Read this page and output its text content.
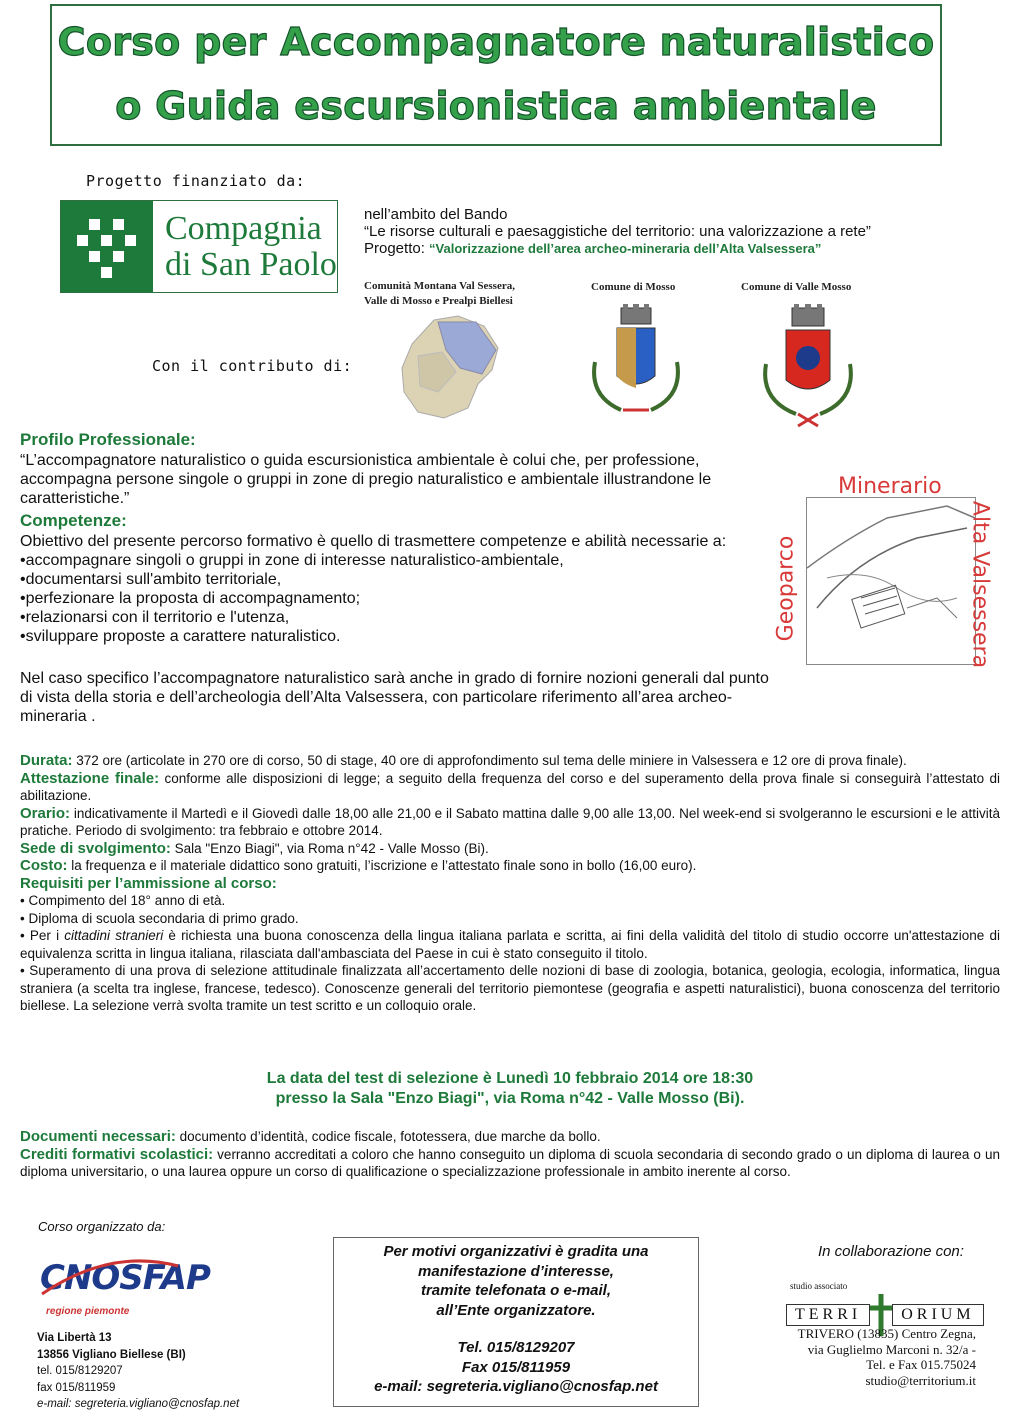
Corso per Accompagnatore naturalistico
o Guida escursionistica ambientale
Progetto finanziato da:
Compagnia
di San Paolo
nell’ambito del Bando
“Le risorse culturali e paesaggistiche del territorio: una valorizzazione a rete”
Progetto: “Valorizzazione dell’area archeo-mineraria dell’Alta Valsessera”
Comunità Montana Val Sessera,
Valle di Mosso e Prealpi Biellesi
Comune di Mosso	Comune di Valle Mosso
Con il contributo di:
Profilo Professionale:
“L’accompagnatore naturalistico o guida escursionistica ambientale è colui che, per professione, accompagna persone singole o gruppi in zone di pregio naturalistico e ambientale illustrandone le caratteristiche.”
Competenze:
Obiettivo del presente percorso formativo è quello di trasmettere competenze e abilità necessarie a:
•accompagnare singoli o gruppi in zone di interesse naturalistico-ambientale,
•documentarsi sull'ambito territoriale,
•perfezionare la proposta di accompagnamento;
•relazionarsi con il territorio e l'utenza,
•sviluppare proposte a carattere naturalistico.
Nel caso specifico l’accompagnatore naturalistico sarà anche in grado di fornire nozioni generali dal punto di vista della storia e dell’archeologia dell’Alta Valsessera, con particolare riferimento all’area archeo-mineraria .
Minerario
Geoparco	Alta Valsessera
Durata: 372 ore (articolate in 270 ore di corso, 50 di stage, 40 ore di approfondimento sul tema delle miniere in Valsessera e 12 ore di prova finale).
Attestazione finale: conforme alle disposizioni di legge; a seguito della frequenza del corso e del superamento della prova finale si conseguirà l’attestato di abilitazione.
Orario: indicativamente il Martedì e il Giovedì dalle 18,00 alle 21,00 e il Sabato mattina dalle 9,00 alle 13,00. Nel week-end si svolgeranno le escursioni e le attività pratiche. Periodo di svolgimento: tra febbraio e ottobre 2014.
Sede di svolgimento: Sala "Enzo Biagi", via Roma n°42 - Valle Mosso (Bi).
Costo: la frequenza e il materiale didattico sono gratuiti, l’iscrizione e l’attestato finale sono in bollo (16,00 euro).
Requisiti per l’ammissione al corso:
• Compimento del 18° anno di età.
• Diploma di scuola secondaria di primo grado.
• Per i cittadini stranieri è richiesta una buona conoscenza della lingua italiana parlata e scritta, ai fini della validità del titolo di studio occorre un'attestazione di equivalenza scritta in lingua italiana, rilasciata dall'ambasciata del Paese in cui è stato conseguito il titolo.
• Superamento di una prova di selezione attitudinale finalizzata all’accertamento delle nozioni di base di zoologia, botanica, geologia, ecologia, informatica, lingua straniera (a scelta tra inglese, francese, tedesco). Conoscenze generali del territorio piemontese (geografia e aspetti naturalistici), buona conoscenza del territorio biellese. La selezione verrà svolta tramite un test scritto e un colloquio orale.
La data del test di selezione è Lunedì 10 febbraio 2014 ore 18:30
presso la Sala "Enzo Biagi", via Roma n°42 - Valle Mosso (Bi).
Documenti necessari: documento d’identità, codice fiscale, fototessera, due marche da bollo.
Crediti formativi scolastici: verranno accreditati a coloro che hanno conseguito un diploma di scuola secondaria di secondo grado o un diploma di laurea o un diploma universitario, o una laurea oppure un corso di qualificazione o specializzazione professionale in ambito inerente al corso.
Corso organizzato da:
CNOSFAP
regione piemonte
Via Libertà 13
13856 Vigliano Biellese (BI)
tel. 015/8129207
fax 015/811959
e-mail: segreteria.vigliano@cnosfap.net
Per motivi organizzativi è gradita una
manifestazione d’interesse,
tramite telefonata o e-mail,
all’Ente organizzatore.
Tel. 015/8129207
Fax 015/811959
e-mail: segreteria.vigliano@cnosfap.net
In collaborazione con:
studio associato
TERRI	ORIUM
TRIVERO (13835) Centro Zegna,
via Guglielmo Marconi n. 32/a -
Tel. e Fax 015.75024
studio@territorium.it
